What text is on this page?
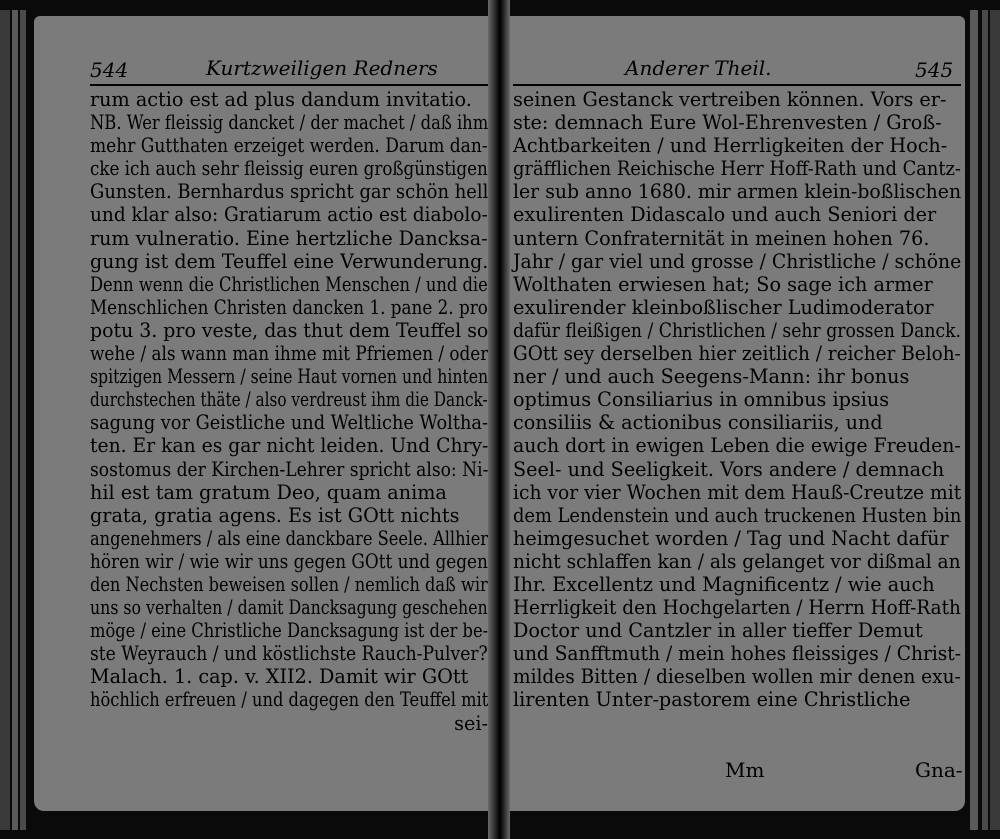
544	Kurtzweiligen Redners
rum actio est ad plus dandum invitatio.
NB. Wer fleissig dancket / der machet / daß ihm
mehr Gutthaten erzeiget werden. Darum dan-
cke ich auch sehr fleissig euren großgünstigen
Gunsten. Bernhardus spricht gar schön hell
und klar also: Gratiarum actio est diabolo-
rum vulneratio. Eine hertzliche Dancksa-
gung ist dem Teuffel eine Verwunderung.
Denn wenn die Christlichen Menschen / und die
Menschlichen Christen dancken 1. pane 2. pro
potu 3. pro veste, das thut dem Teuffel so
wehe / als wann man ihme mit Pfriemen / oder
spitzigen Messern / seine Haut vornen und hinten
durchstechen thäte / also verdreust ihm die Danck-
sagung vor Geistliche und Weltliche Woltha-
ten. Er kan es gar nicht leiden. Und Chry-
sostomus der Kirchen-Lehrer spricht also: Ni-
hil est tam gratum Deo, quam anima
grata, gratia agens. Es ist GOtt nichts
angenehmers / als eine danckbare Seele. Allhier
hören wir / wie wir uns gegen GOtt und gegen
den Nechsten beweisen sollen / nemlich daß wir
uns so verhalten / damit Dancksagung geschehen
möge / eine Christliche Dancksagung ist der be-
ste Weyrauch / und köstlichste Rauch-Pulver?
Malach. 1. cap. v. XII2. Damit wir GOtt
höchlich erfreuen / und dagegen den Teuffel mit
sei-
Anderer Theil.	545
seinen Gestanck vertreiben können. Vors er-
ste: demnach Eure Wol-Ehrenvesten / Groß-
Achtbarkeiten / und Herrligkeiten der Hoch-
gräfflichen Reichische Herr Hoff-Rath und Cantz-
ler sub anno 1680. mir armen klein-boßlischen
exulirenten Didascalo und auch Seniori der
untern Confraternität in meinen hohen 76.
Jahr / gar viel und grosse / Christliche / schöne
Wolthaten erwiesen hat; So sage ich armer
exulirender kleinboßlischer Ludimoderator
dafür fleißigen / Christlichen / sehr grossen Danck.
GOtt sey derselben hier zeitlich / reicher Beloh-
ner / und auch Seegens-Mann: ihr bonus
optimus Consiliarius in omnibus ipsius
consiliis & actionibus consiliariis, und
auch dort in ewigen Leben die ewige Freuden-
Seel- und Seeligkeit. Vors andere / demnach
ich vor vier Wochen mit dem Hauß-Creutze mit
dem Lendenstein und auch truckenen Husten bin
heimgesuchet worden / Tag und Nacht dafür
nicht schlaffen kan / als gelanget vor dißmal an
Ihr. Excellentz und Magnificentz / wie auch
Herrligkeit den Hochgelarten / Herrn Hoff-Rath
Doctor und Cantzler in aller tieffer Demut
und Sanfftmuth / mein hohes fleissiges / Christ-
mildes Bitten / dieselben wollen mir denen exu-
lirenten Unter-pastorem eine Christliche
Mm	Gna-
